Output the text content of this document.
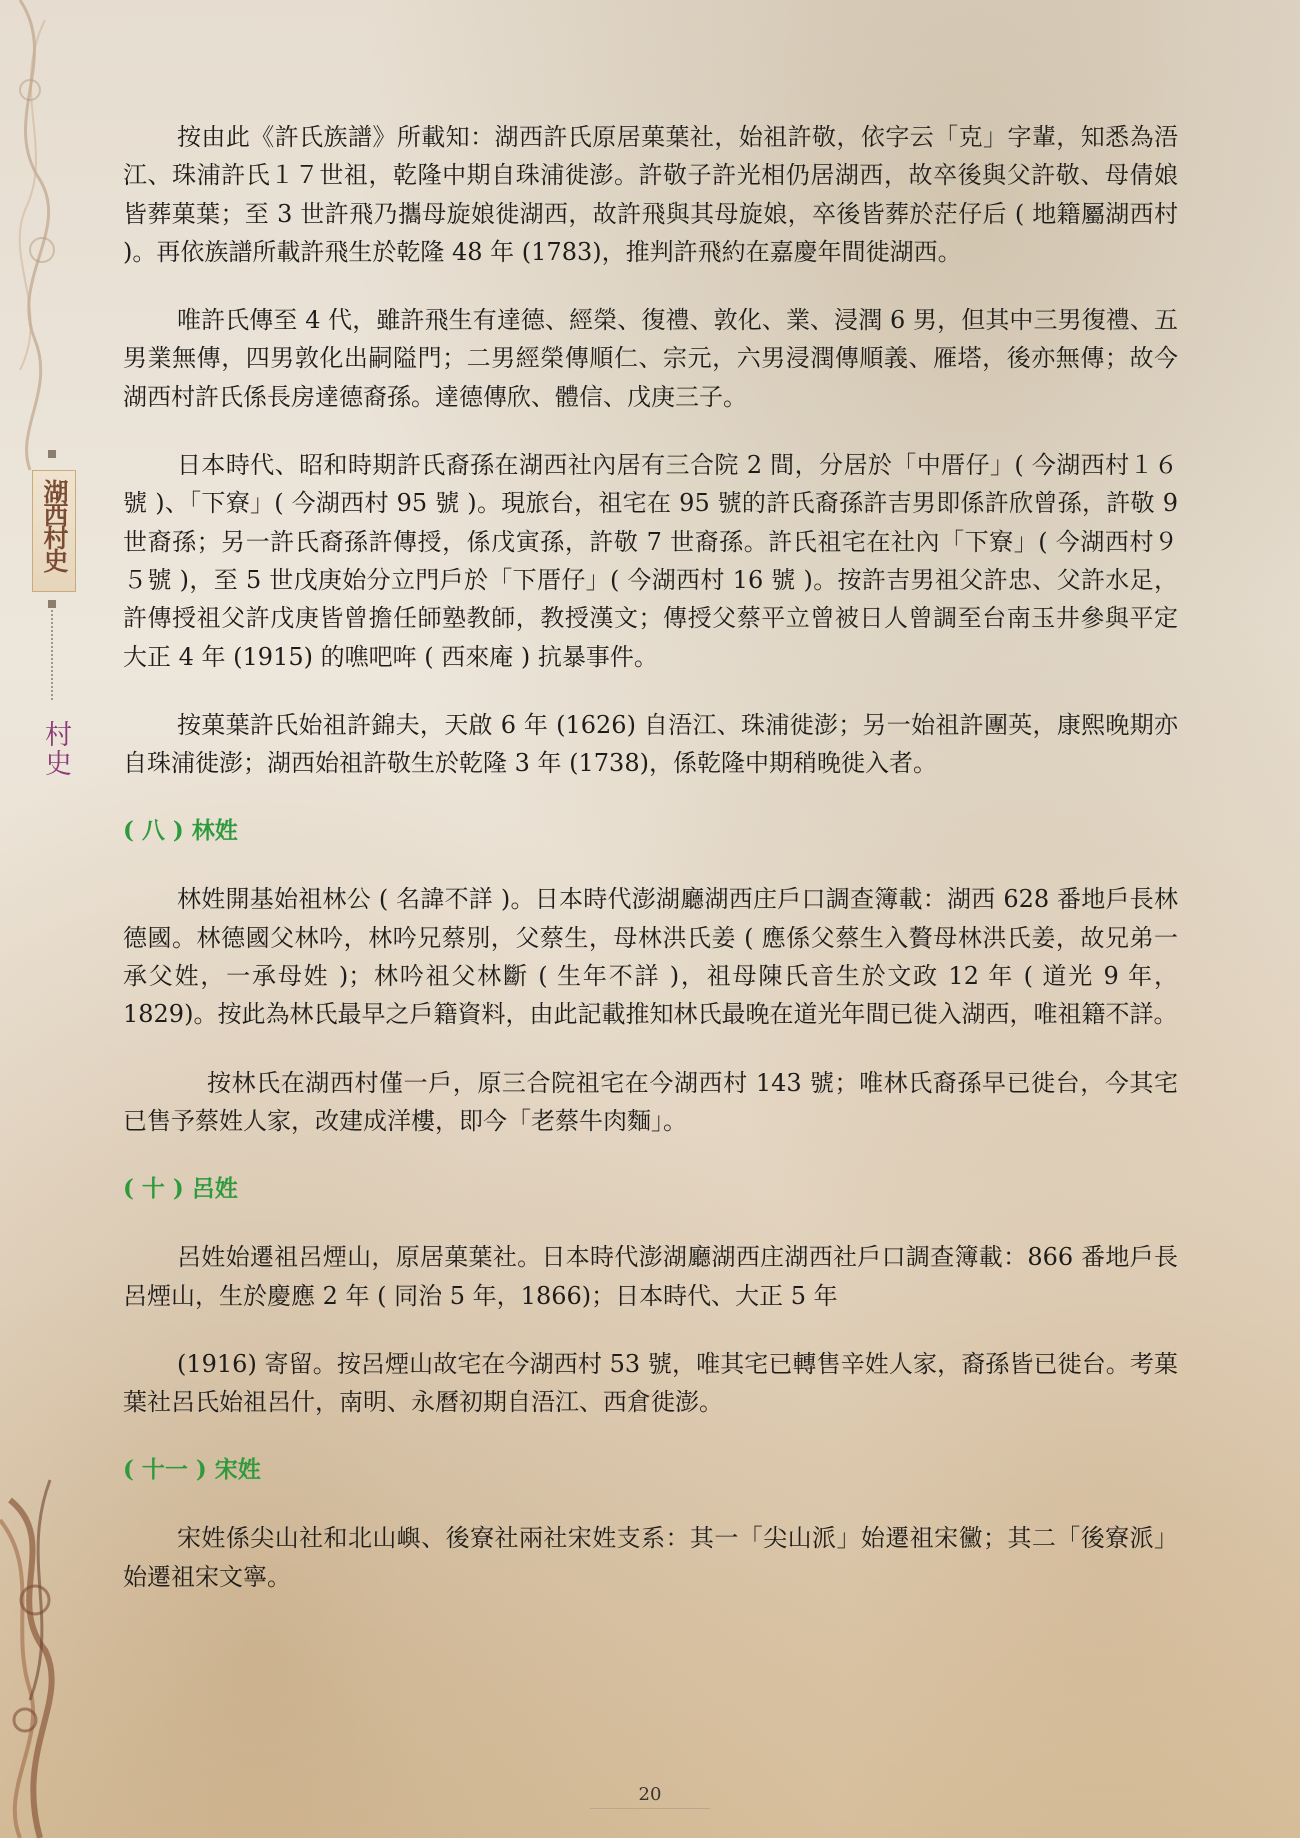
湖西村史
村史

按由此《許氏族譜》所載知：湖西許氏原居菓葉社，始祖許敬，依字云「克」字輩，知悉為浯江、珠浦許氏１７世祖，乾隆中期自珠浦徙澎。許敬子許光相仍居湖西，故卒後與父許敬、母倩娘皆葬菓葉；至 3 世許飛乃攜母旋娘徙湖西，故許飛與其母旋娘，卒後皆葬於茫仔后 ( 地籍屬湖西村 )。再依族譜所載許飛生於乾隆 48 年 (1783)，推判許飛約在嘉慶年間徙湖西。

唯許氏傳至 4 代，雖許飛生有達德、經榮、復禮、敦化、業、浸潤 6 男，但其中三男復禮、五男業無傳，四男敦化出嗣隘門；二男經榮傳順仁、宗元，六男浸潤傳順義、雁塔，後亦無傳；故今湖西村許氏係長房達德裔孫。達德傳欣、體信、戊庚三子。

日本時代、昭和時期許氏裔孫在湖西社內居有三合院 2 間，分居於「中厝仔」( 今湖西村１６號 )、「下寮」( 今湖西村 95 號 )。現旅台，祖宅在 95 號的許氏裔孫許吉男即係許欣曾孫，許敬 9 世裔孫；另一許氏裔孫許傳授，係戊寅孫，許敬 7 世裔孫。許氏祖宅在社內「下寮」( 今湖西村９５號 )，至 5 世戊庚始分立門戶於「下厝仔」( 今湖西村 16 號 )。按許吉男祖父許忠、父許水足，許傳授祖父許戊庚皆曾擔任師塾教師，教授漢文；傳授父蔡平立曾被日人曾調至台南玉井參與平定大正 4 年 (1915) 的噍吧哖 ( 西來庵 ) 抗暴事件。

按菓葉許氏始祖許錦夫，天啟 6 年 (1626) 自浯江、珠浦徙澎；另一始祖許團英，康熙晚期亦自珠浦徙澎；湖西始祖許敬生於乾隆 3 年 (1738)，係乾隆中期稍晚徙入者。

( 八 ) 林姓

林姓開基始祖林公 ( 名諱不詳 )。日本時代澎湖廳湖西庄戶口調查簿載：湖西 628 番地戶長林德國。林德國父林吟，林吟兄蔡別，父蔡生，母林洪氏姜 ( 應係父蔡生入贅母林洪氏姜，故兄弟一承父姓，一承母姓 )；林吟祖父林斷 ( 生年不詳 )，祖母陳氏音生於文政 12 年 ( 道光 9 年，1829)。按此為林氏最早之戶籍資料，由此記載推知林氏最晚在道光年間已徙入湖西，唯祖籍不詳。

按林氏在湖西村僅一戶，原三合院祖宅在今湖西村 143 號；唯林氏裔孫早已徙台，今其宅已售予蔡姓人家，改建成洋樓，即今「老蔡牛肉麵」。

( 十 ) 呂姓

呂姓始遷祖呂煙山，原居菓葉社。日本時代澎湖廳湖西庄湖西社戶口調查簿載：866 番地戶長呂煙山，生於慶應 2 年 ( 同治 5 年，1866)；日本時代、大正 5 年

(1916) 寄留。按呂煙山故宅在今湖西村 53 號，唯其宅已轉售辛姓人家，裔孫皆已徙台。考菓葉社呂氏始祖呂什，南明、永曆初期自浯江、西倉徙澎。

( 十一 ) 宋姓

宋姓係尖山社和北山嶼、後寮社兩社宋姓支系：其一「尖山派」始遷祖宋黴；其二「後寮派」始遷祖宋文寧。

20
